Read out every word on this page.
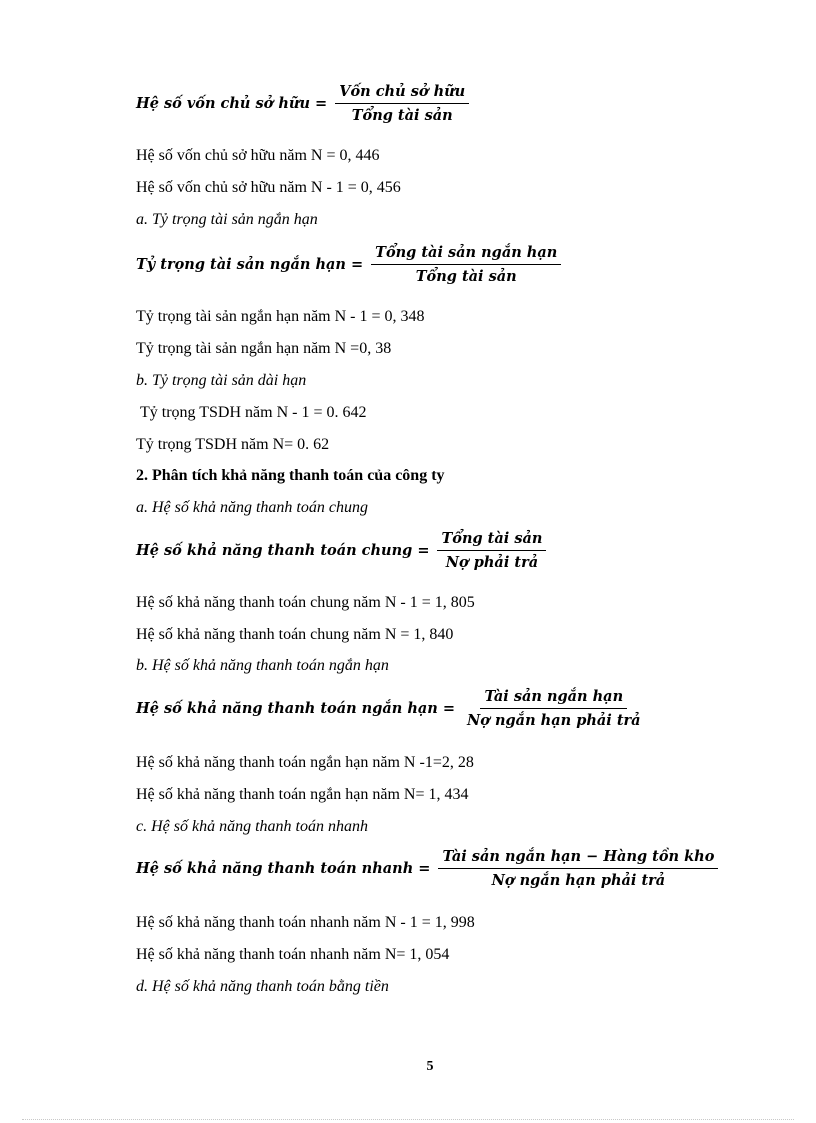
Hệ số vốn chủ sở hữu = $\frac{\text{Vốn chủ sở hữu}}{\text{Tổng tài sản}}$
Hệ số vốn chủ sở hữu năm N = 0, 446
Hệ số vốn chủ sở hữu năm N - 1 = 0, 456
a. Tỷ trọng tài sản ngắn hạn
Tỷ trọng tài sản ngắn hạn = $\frac{\text{Tổng tài sản ngắn hạn}}{\text{Tổng tài sản}}$
Tỷ trọng tài sản ngắn hạn năm N - 1 = 0, 348
Tỷ trọng tài sản ngắn hạn năm N =0, 38
b. Tỷ trọng tài sản dài hạn
Tỷ trọng TSDH năm N - 1 = 0. 642
Tỷ trọng TSDH năm N= 0. 62
2. Phân tích khả năng thanh toán của công ty
a. Hệ số khả năng thanh toán chung
Hệ số khả năng thanh toán chung = $\frac{\text{Tổng tài sản}}{\text{Nợ phải trả}}$
Hệ số khả năng thanh toán chung năm N - 1 = 1, 805
Hệ số khả năng thanh toán chung năm N = 1, 840
b. Hệ số khả năng thanh toán ngắn hạn
Hệ số khả năng thanh toán ngắn hạn = $\frac{\text{Tài sản ngắn hạn}}{\text{Nợ ngắn hạn phải trả}}$
Hệ số khả năng thanh toán ngắn hạn năm N -1=2, 28
Hệ số khả năng thanh toán ngắn hạn năm N= 1, 434
c. Hệ số khả năng thanh toán nhanh
Hệ số khả năng thanh toán nhanh = $\frac{\text{Tài sản ngắn hạn − Hàng tồn kho}}{\text{Nợ ngắn hạn phải trả}}$
Hệ số khả năng thanh toán nhanh năm N - 1 = 1, 998
Hệ số khả năng thanh toán nhanh năm N= 1, 054
d. Hệ số khả năng thanh toán bằng tiền
5
